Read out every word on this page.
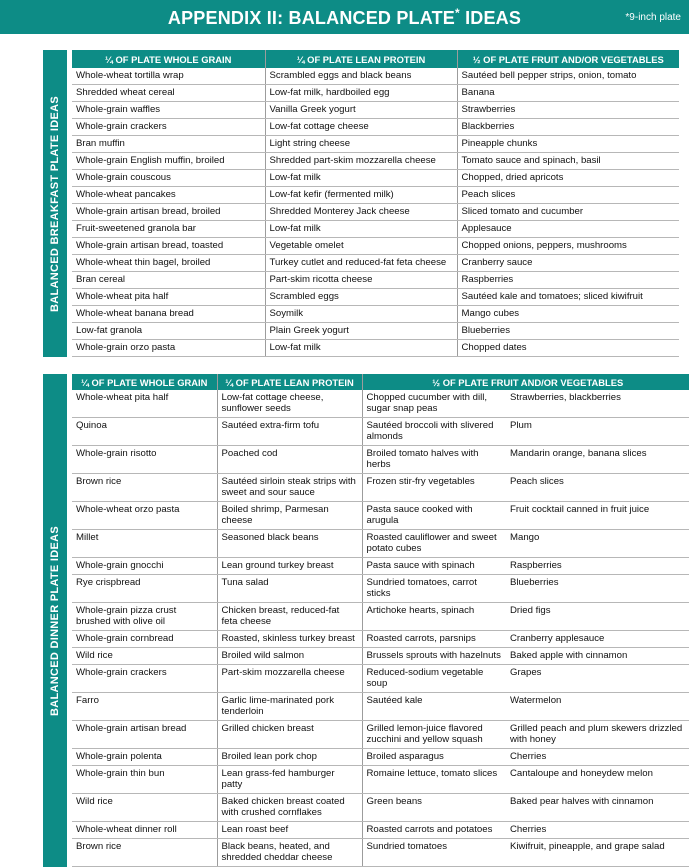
APPENDIX II: BALANCED PLATE* IDEAS	*9-inch plate
BALANCED BREAKFAST PLATE IDEAS
¼ OF PLATE WHOLE GRAIN	¼ OF PLATE LEAN PROTEIN	½ OF PLATE FRUIT AND/OR VEGETABLES
Whole-wheat tortilla wrap	Scrambled eggs and black beans	Sautéed bell pepper strips, onion, tomato
Shredded wheat cereal	Low-fat milk, hardboiled egg	Banana
Whole-grain waffles	Vanilla Greek yogurt	Strawberries
Whole-grain crackers	Low-fat cottage cheese	Blackberries
Bran muffin	Light string cheese	Pineapple chunks
Whole-grain English muffin, broiled	Shredded part-skim mozzarella cheese	Tomato sauce and spinach, basil
Whole-grain couscous	Low-fat milk	Chopped, dried apricots
Whole-wheat pancakes	Low-fat kefir (fermented milk)	Peach slices
Whole-grain artisan bread, broiled	Shredded Monterey Jack cheese	Sliced tomato and cucumber
Fruit-sweetened granola bar	Low-fat milk	Applesauce
Whole-grain artisan bread, toasted	Vegetable omelet	Chopped onions, peppers, mushrooms
Whole-wheat thin bagel, broiled	Turkey cutlet and reduced-fat feta cheese	Cranberry sauce
Bran cereal	Part-skim ricotta cheese	Raspberries
Whole-wheat pita half	Scrambled eggs	Sautéed kale and tomatoes; sliced kiwifruit
Whole-wheat banana bread	Soymilk	Mango cubes
Low-fat granola	Plain Greek yogurt	Blueberries
Whole-grain orzo pasta	Low-fat milk	Chopped dates
BALANCED DINNER PLATE IDEAS
¼ OF PLATE WHOLE GRAIN	¼ OF PLATE LEAN PROTEIN	½ OF PLATE FRUIT AND/OR VEGETABLES	
Whole-wheat pita half	Low-fat cottage cheese, sunflower seeds	Chopped cucumber with dill, sugar snap peas	Strawberries, blackberries
Quinoa	Sautéed extra-firm tofu	Sautéed broccoli with slivered almonds	Plum
Whole-grain risotto	Poached cod	Broiled tomato halves with herbs	Mandarin orange, banana slices
Brown rice	Sautéed sirloin steak strips with sweet and sour sauce	Frozen stir-fry vegetables	Peach slices
Whole-wheat orzo pasta	Boiled shrimp, Parmesan cheese	Pasta sauce cooked with arugula	Fruit cocktail canned in fruit juice
Millet	Seasoned black beans	Roasted cauliflower and sweet potato cubes	Mango
Whole-grain gnocchi	Lean ground turkey breast	Pasta sauce with spinach	Raspberries
Rye crispbread	Tuna salad	Sundried tomatoes, carrot sticks	Blueberries
Whole-grain pizza crust brushed with olive oil	Chicken breast, reduced-fat feta cheese	Artichoke hearts, spinach	Dried figs
Whole-grain cornbread	Roasted, skinless turkey breast	Roasted carrots, parsnips	Cranberry applesauce
Wild rice	Broiled wild salmon	Brussels sprouts with hazelnuts	Baked apple with cinnamon
Whole-grain crackers	Part-skim mozzarella cheese	Reduced-sodium vegetable soup	Grapes
Farro	Garlic lime-marinated pork tenderloin	Sautéed kale	Watermelon
Whole-grain artisan bread	Grilled chicken breast	Grilled lemon-juice flavored zucchini and yellow squash	Grilled peach and plum skewers drizzled with honey
Whole-grain polenta	Broiled lean pork chop	Broiled asparagus	Cherries
Whole-grain thin bun	Lean grass-fed hamburger patty	Romaine lettuce, tomato slices	Cantaloupe and honeydew melon
Wild rice	Baked chicken breast coated with crushed cornflakes	Green beans	Baked pear halves with cinnamon
Whole-wheat dinner roll	Lean roast beef	Roasted carrots and potatoes	Cherries
Brown rice	Black beans, heated, and shredded cheddar cheese	Sundried tomatoes	Kiwifruit, pineapple, and grape salad
